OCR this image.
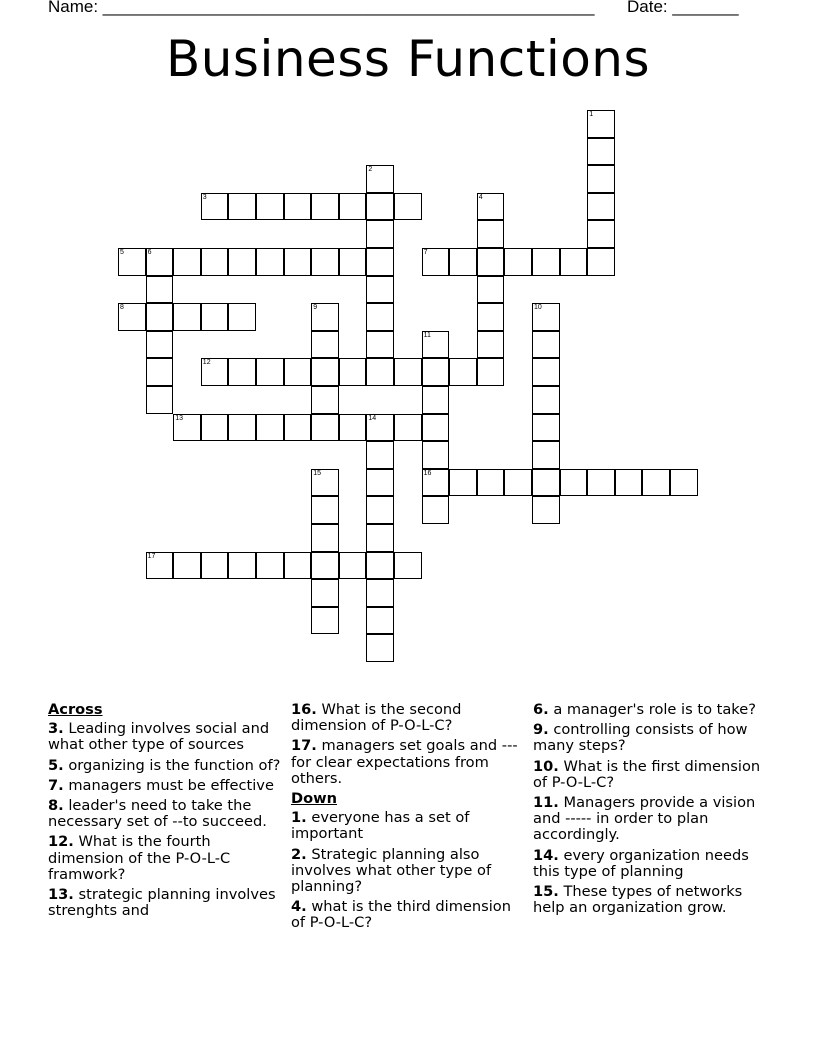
Name: ____________________________________________________ Date: _______
Business Functions
1
2
3	4
5	6	7
8	9	10
11
16
12
13	14
15
17
Across
3. Leading involves social and what other type of sources
5. organizing is the function of?
7. managers must be effective
8. leader's need to take the necessary set of --to succeed.
12. What is the fourth dimension of the P-O-L-C framwork?
13. strategic planning involves strenghts and
16. What is the second dimension of P-O-L-C?
17. managers set goals and --- for clear expectations from others.
Down
1. everyone has a set of important
2. Strategic planning also involves what other type of planning?
4. what is the third dimension of P-O-L-C?
6. a manager's role is to take?
9. controlling consists of how many steps?
10. What is the first dimension of P-O-L-C?
11. Managers provide a vision and ----- in order to plan accordingly.
14. every organization needs this type of planning
15. These types of networks help an organization grow.
